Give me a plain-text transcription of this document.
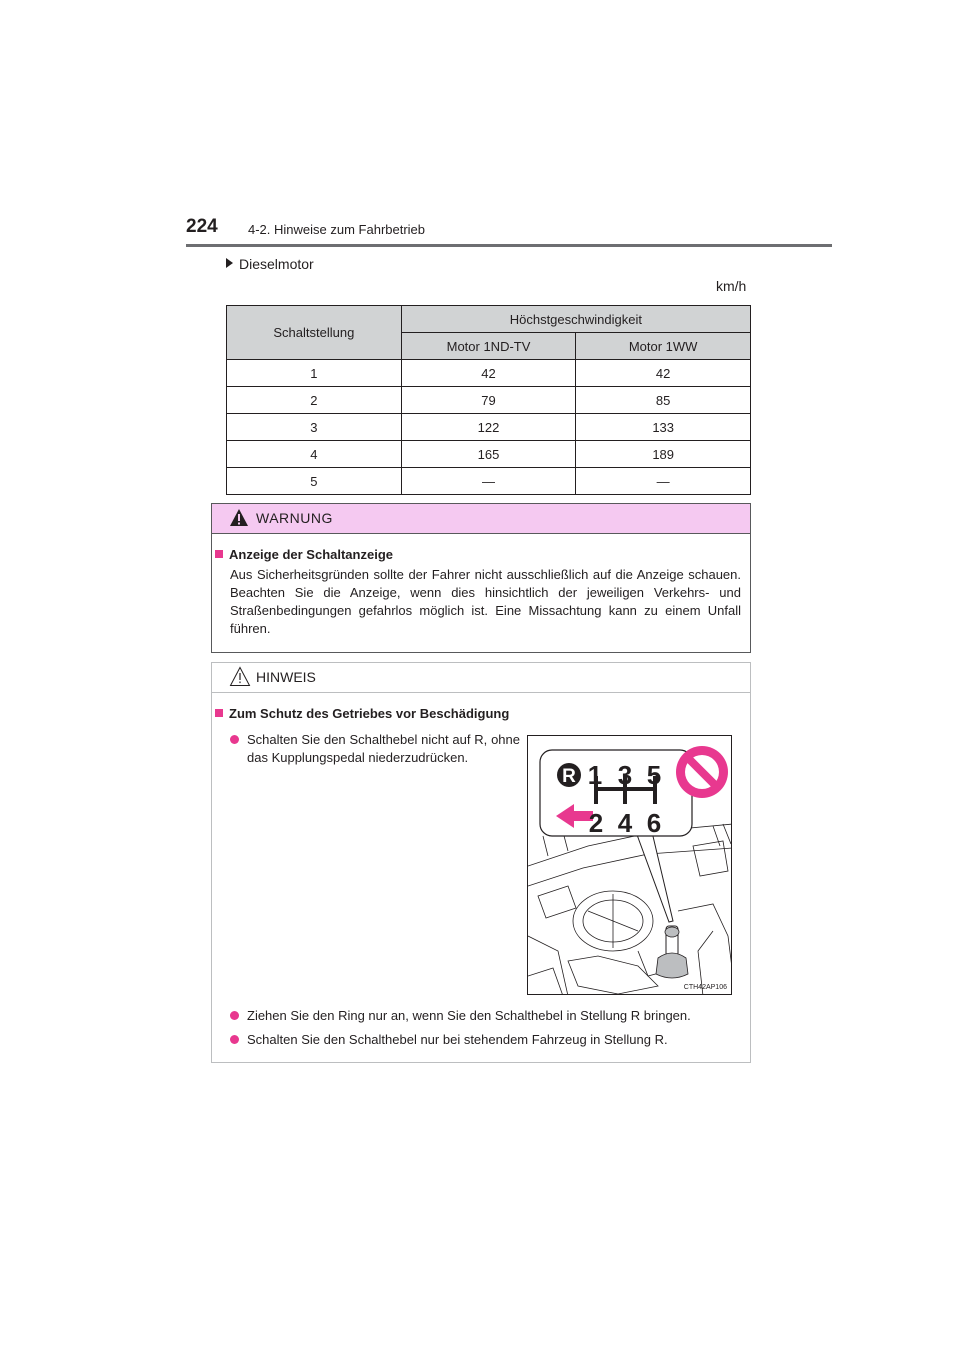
224 4-2. Hinweise zum Fahrbetrieb
Dieselmotor
km/h
Schaltstellung	Höchstgeschwindigkeit	
	Motor 1ND-TV	Motor 1WW
1	42	42
2	79	85
3	122	133
4	165	189
5	—	—
WARNUNG
Anzeige der Schaltanzeige
Aus Sicherheitsgründen sollte der Fahrer nicht ausschließlich auf die Anzeige schauen. Beachten Sie die Anzeige, wenn dies hinsichtlich der jeweiligen Verkehrs- und Straßenbedingungen gefahrlos möglich ist. Eine Missachtung kann zu einem Unfall führen.
HINWEIS
Zum Schutz des Getriebes vor Beschädigung
Schalten Sie den Schalthebel nicht auf R, ohne das Kupplungspedal niederzudrücken.
R 1 3 5
2 4 6
CTH42AP106
Ziehen Sie den Ring nur an, wenn Sie den Schalthebel in Stellung R bringen.
Schalten Sie den Schalthebel nur bei stehendem Fahrzeug in Stellung R.
